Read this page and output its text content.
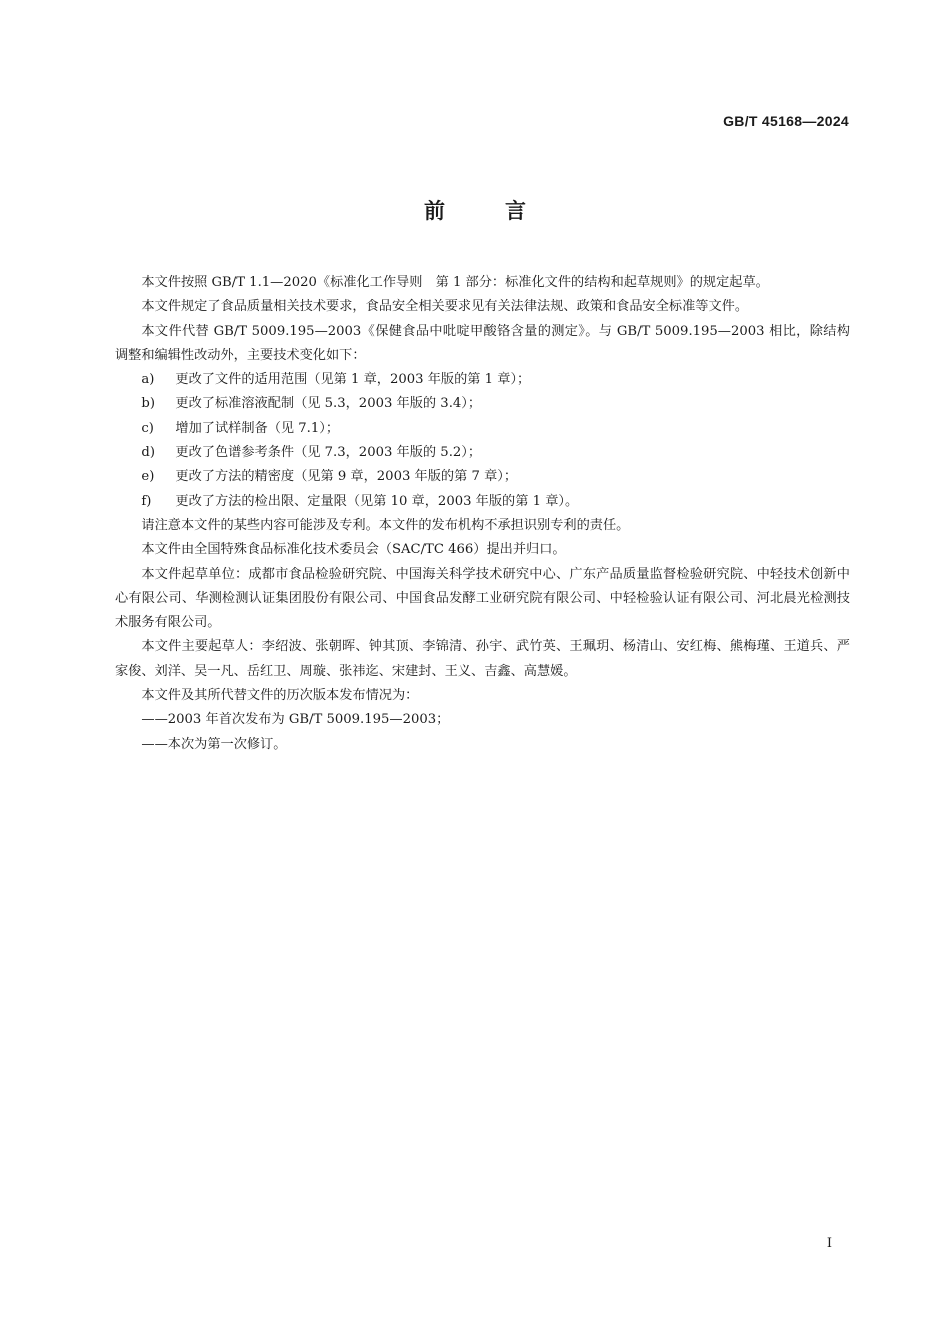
GB/T 45168—2024
前言

本文件按照 GB/T 1.1—2020《标准化工作导则　第 1 部分：标准化文件的结构和起草规则》的规定起草。

本文件规定了食品质量相关技术要求，食品安全相关要求见有关法律法规、政策和食品安全标准等文件。

本文件代替 GB/T 5009.195—2003《保健食品中吡啶甲酸铬含量的测定》。与 GB/T 5009.195—2003 相比，除结构调整和编辑性改动外，主要技术变化如下：

a) 更改了文件的适用范围（见第 1 章，2003 年版的第 1 章）；

b) 更改了标准溶液配制（见 5.3，2003 年版的 3.4）；

c) 增加了试样制备（见 7.1）；

d) 更改了色谱参考条件（见 7.3，2003 年版的 5.2）；

e) 更改了方法的精密度（见第 9 章，2003 年版的第 7 章）；

f) 更改了方法的检出限、定量限（见第 10 章，2003 年版的第 1 章）。

请注意本文件的某些内容可能涉及专利。本文件的发布机构不承担识别专利的责任。

本文件由全国特殊食品标准化技术委员会（SAC/TC 466）提出并归口。

本文件起草单位：成都市食品检验研究院、中国海关科学技术研究中心、广东产品质量监督检验研究院、中轻技术创新中心有限公司、华测检测认证集团股份有限公司、中国食品发酵工业研究院有限公司、中轻检验认证有限公司、河北晨光检测技术服务有限公司。

本文件主要起草人：李绍波、张朝晖、钟其顶、李锦清、孙宇、武竹英、王珮玥、杨清山、安红梅、熊梅瑾、王道兵、严家俊、刘洋、吴一凡、岳红卫、周璇、张祎迄、宋建封、王义、吉鑫、高慧媛。

本文件及其所代替文件的历次版本发布情况为：

——2003 年首次发布为 GB/T 5009.195—2003；

——本次为第一次修订。

I
